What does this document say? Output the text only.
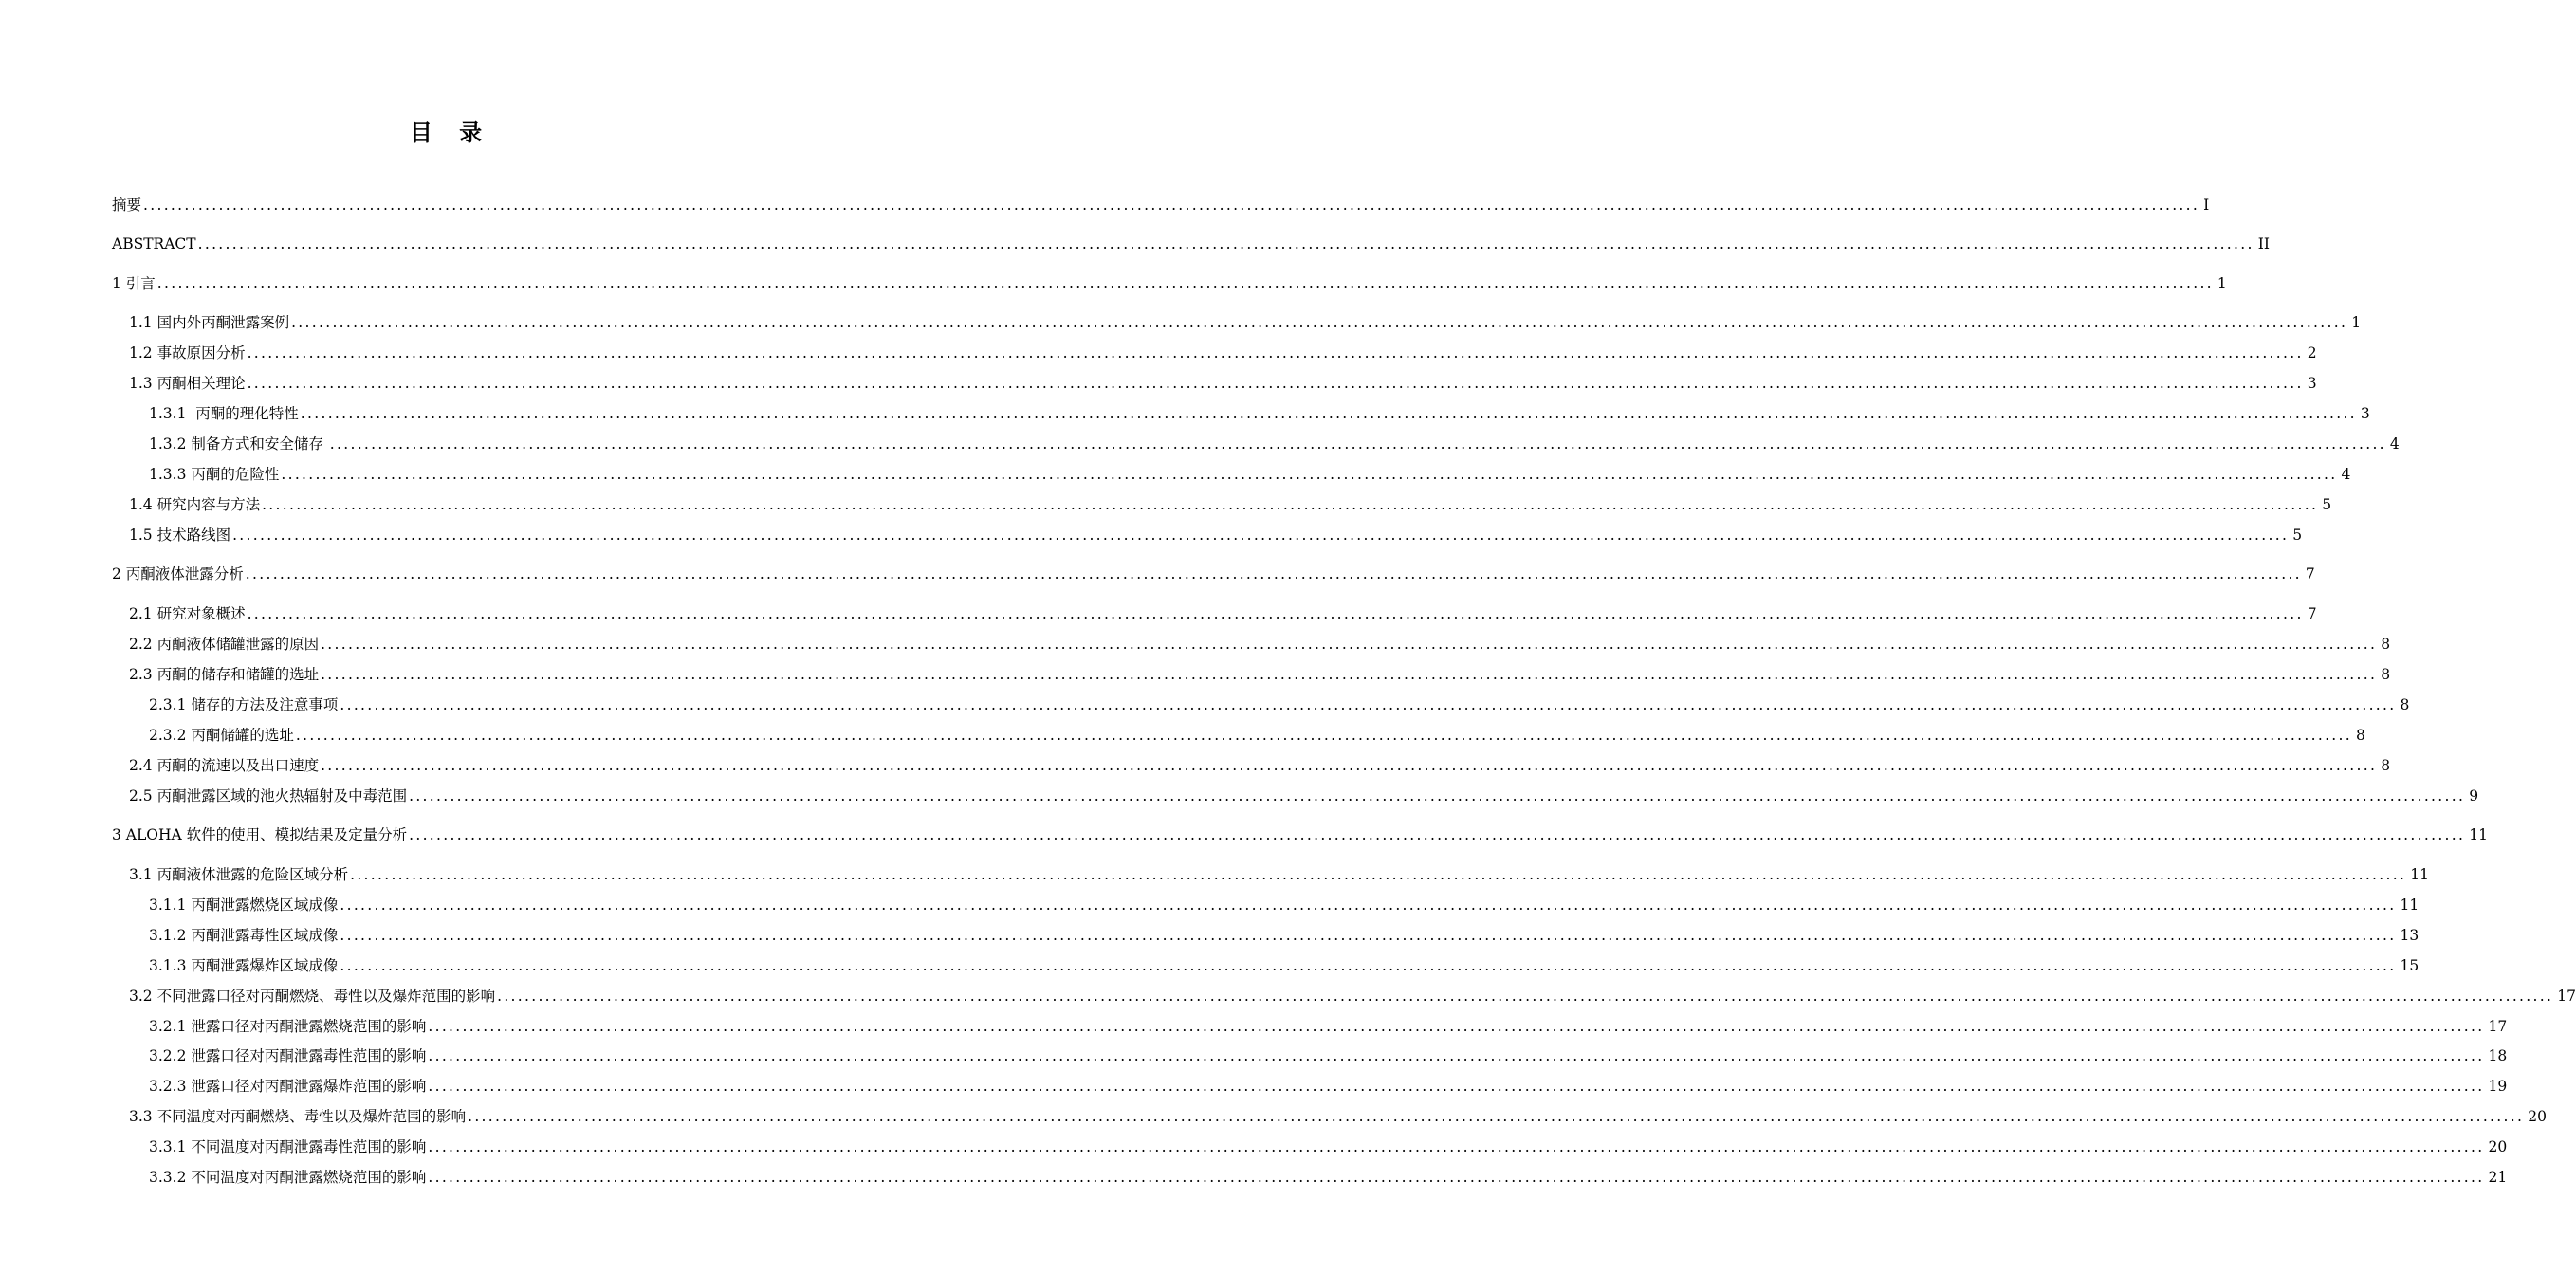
目 录
摘要 ............................................................................................................................................................................................................................................................................................................ I
ABSTRACT ............................................................................................................................................................................................................................................................................................................ II
1 引言 ............................................................................................................................................................................................................................................................................................................ 1
1.1 国内外丙酮泄露案例 ............................................................................................................................................................................................................................................................................................................ 1
1.2 事故原因分析 ............................................................................................................................................................................................................................................................................................................ 2
1.3 丙酮相关理论 ............................................................................................................................................................................................................................................................................................................ 3
1.3.1  丙酮的理化特性 ............................................................................................................................................................................................................................................................................................................ 3
1.3.2 制备方式和安全储存 ............................................................................................................................................................................................................................................................................................................ 4
1.3.3 丙酮的危险性 ............................................................................................................................................................................................................................................................................................................ 4
1.4 研究内容与方法 ............................................................................................................................................................................................................................................................................................................ 5
1.5 技术路线图 ............................................................................................................................................................................................................................................................................................................ 5
2 丙酮液体泄露分析 ............................................................................................................................................................................................................................................................................................................ 7
2.1 研究对象概述 ............................................................................................................................................................................................................................................................................................................ 7
2.2 丙酮液体储罐泄露的原因 ............................................................................................................................................................................................................................................................................................................ 8
2.3 丙酮的储存和储罐的选址 ............................................................................................................................................................................................................................................................................................................ 8
2.3.1 储存的方法及注意事项 ............................................................................................................................................................................................................................................................................................................ 8
2.3.2 丙酮储罐的选址 ............................................................................................................................................................................................................................................................................................................ 8
2.4 丙酮的流速以及出口速度 ............................................................................................................................................................................................................................................................................................................ 8
2.5 丙酮泄露区域的池火热辐射及中毒范围 ............................................................................................................................................................................................................................................................................................................ 9
3 ALOHA 软件的使用、模拟结果及定量分析 ............................................................................................................................................................................................................................................................................................................ 11
3.1 丙酮液体泄露的危险区域分析 ............................................................................................................................................................................................................................................................................................................ 11
3.1.1 丙酮泄露燃烧区域成像 ............................................................................................................................................................................................................................................................................................................ 11
3.1.2 丙酮泄露毒性区域成像 ............................................................................................................................................................................................................................................................................................................ 13
3.1.3 丙酮泄露爆炸区域成像 ............................................................................................................................................................................................................................................................................................................ 15
3.2 不同泄露口径对丙酮燃烧、毒性以及爆炸范围的影响 ............................................................................................................................................................................................................................................................................................................ 17
3.2.1 泄露口径对丙酮泄露燃烧范围的影响 ............................................................................................................................................................................................................................................................................................................ 17
3.2.2 泄露口径对丙酮泄露毒性范围的影响 ............................................................................................................................................................................................................................................................................................................ 18
3.2.3 泄露口径对丙酮泄露爆炸范围的影响 ............................................................................................................................................................................................................................................................................................................ 19
3.3 不同温度对丙酮燃烧、毒性以及爆炸范围的影响 ............................................................................................................................................................................................................................................................................................................ 20
3.3.1 不同温度对丙酮泄露毒性范围的影响 ............................................................................................................................................................................................................................................................................................................ 20
3.3.2 不同温度对丙酮泄露燃烧范围的影响 ............................................................................................................................................................................................................................................................................................................ 21
